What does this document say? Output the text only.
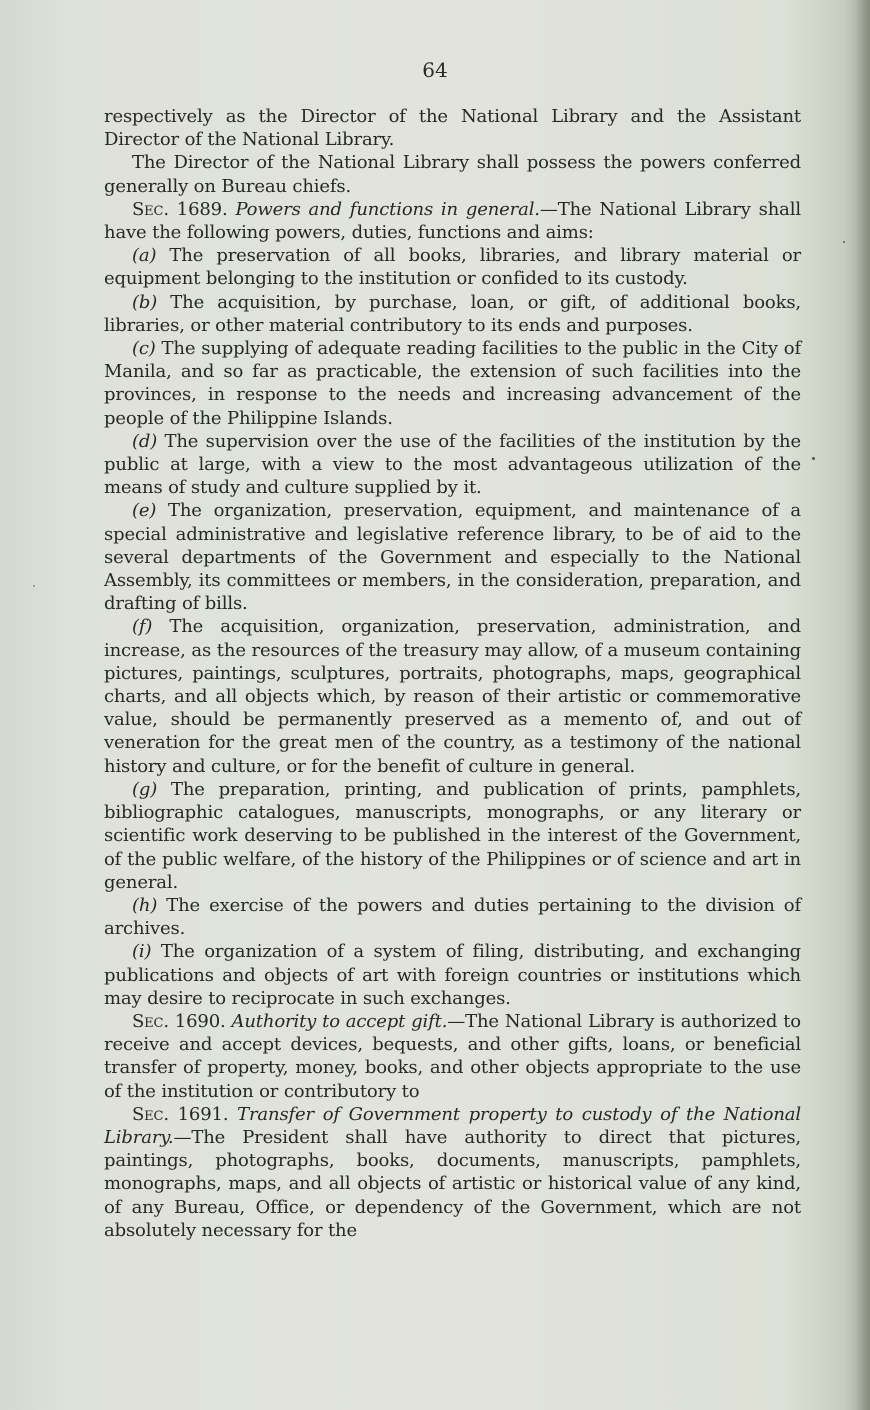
64

respectively as the Director of the National Library and the Assistant Director of the National Library.

The Director of the National Library shall possess the powers conferred generally on Bureau chiefs.

Sec. 1689. Powers and functions in general.—The National Library shall have the following powers, duties, functions and aims:

(a) The preservation of all books, libraries, and library material or equipment belonging to the institution or confided to its custody.

(b) The acquisition, by purchase, loan, or gift, of additional books, libraries, or other material contributory to its ends and purposes.

(c) The supplying of adequate reading facilities to the public in the City of Manila, and so far as practicable, the extension of such facilities into the provinces, in response to the needs and increasing advancement of the people of the Philippine Islands.

(d) The supervision over the use of the facilities of the institution by the public at large, with a view to the most advantageous utilization of the means of study and culture supplied by it.

(e) The organization, preservation, equipment, and maintenance of a special administrative and legislative reference library, to be of aid to the several departments of the Government and especially to the National Assembly, its committees or members, in the consideration, preparation, and drafting of bills.

(f) The acquisition, organization, preservation, administration, and increase, as the resources of the treasury may allow, of a museum containing pictures, paintings, sculptures, portraits, photographs, maps, geographical charts, and all objects which, by reason of their artistic or commemorative value, should be permanently preserved as a memento of, and out of veneration for the great men of the country, as a testimony of the national history and culture, or for the benefit of culture in general.

(g) The preparation, printing, and publication of prints, pamphlets, bibliographic catalogues, manuscripts, monographs, or any literary or scientific work deserving to be published in the interest of the Government, of the public welfare, of the history of the Philippines or of science and art in general.

(h) The exercise of the powers and duties pertaining to the division of archives.

(i) The organization of a system of filing, distributing, and exchanging publications and objects of art with foreign countries or institutions which may desire to reciprocate in such exchanges.

Sec. 1690. Authority to accept gift.—The National Library is authorized to receive and accept devices, bequests, and other gifts, loans, or beneficial transfer of property, money, books, and other objects appropriate to the use of the institution or contributory to

Sec. 1691. Transfer of Government property to custody of the National Library.—The President shall have authority to direct that pictures, paintings, photographs, books, documents, manuscripts, pamphlets, monographs, maps, and all objects of artistic or historical value of any kind, of any Bureau, Office, or dependency of the Government, which are not absolutely necessary for the
